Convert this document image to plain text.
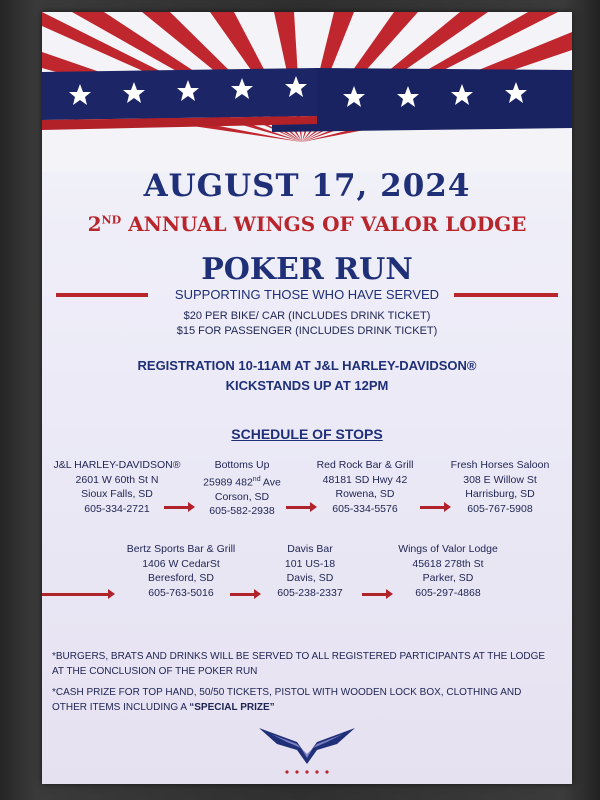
AUGUST 17, 2024
2ND ANNUAL WINGS OF VALOR LODGE
POKER RUN
SUPPORTING THOSE WHO HAVE SERVED
$20 PER BIKE/ CAR (INCLUDES DRINK TICKET)
$15 FOR PASSENGER (INCLUDES DRINK TICKET)
REGISTRATION 10-11AM AT J&L HARLEY-DAVIDSON®
KICKSTANDS UP AT 12PM
SCHEDULE OF STOPS
J&L HARLEY-DAVIDSON®
2601 W 60th St N
Sioux Falls, SD
605-334-2721
Bottoms Up
25989 482nd Ave
Corson, SD
605-582-2938
Red Rock Bar & Grill
48181 SD Hwy 42
Rowena, SD
605-334-5576
Fresh Horses Saloon
308 E Willow St
Harrisburg, SD
605-767-5908
Bertz Sports Bar & Grill
1406 W CedarSt
Beresford, SD
605-763-5016
Davis Bar
101 US-18
Davis, SD
605-238-2337
Wings of Valor Lodge
45618 278th St
Parker, SD
605-297-4868
*BURGERS, BRATS AND DRINKS WILL BE SERVED TO ALL REGISTERED PARTICIPANTS AT THE LODGE AT THE CONCLUSION OF THE POKER RUN
*CASH PRIZE FOR TOP HAND, 50/50 TICKETS, PISTOL WITH WOODEN LOCK BOX, CLOTHING AND OTHER ITEMS INCLUDING A “SPECIAL PRIZE”
